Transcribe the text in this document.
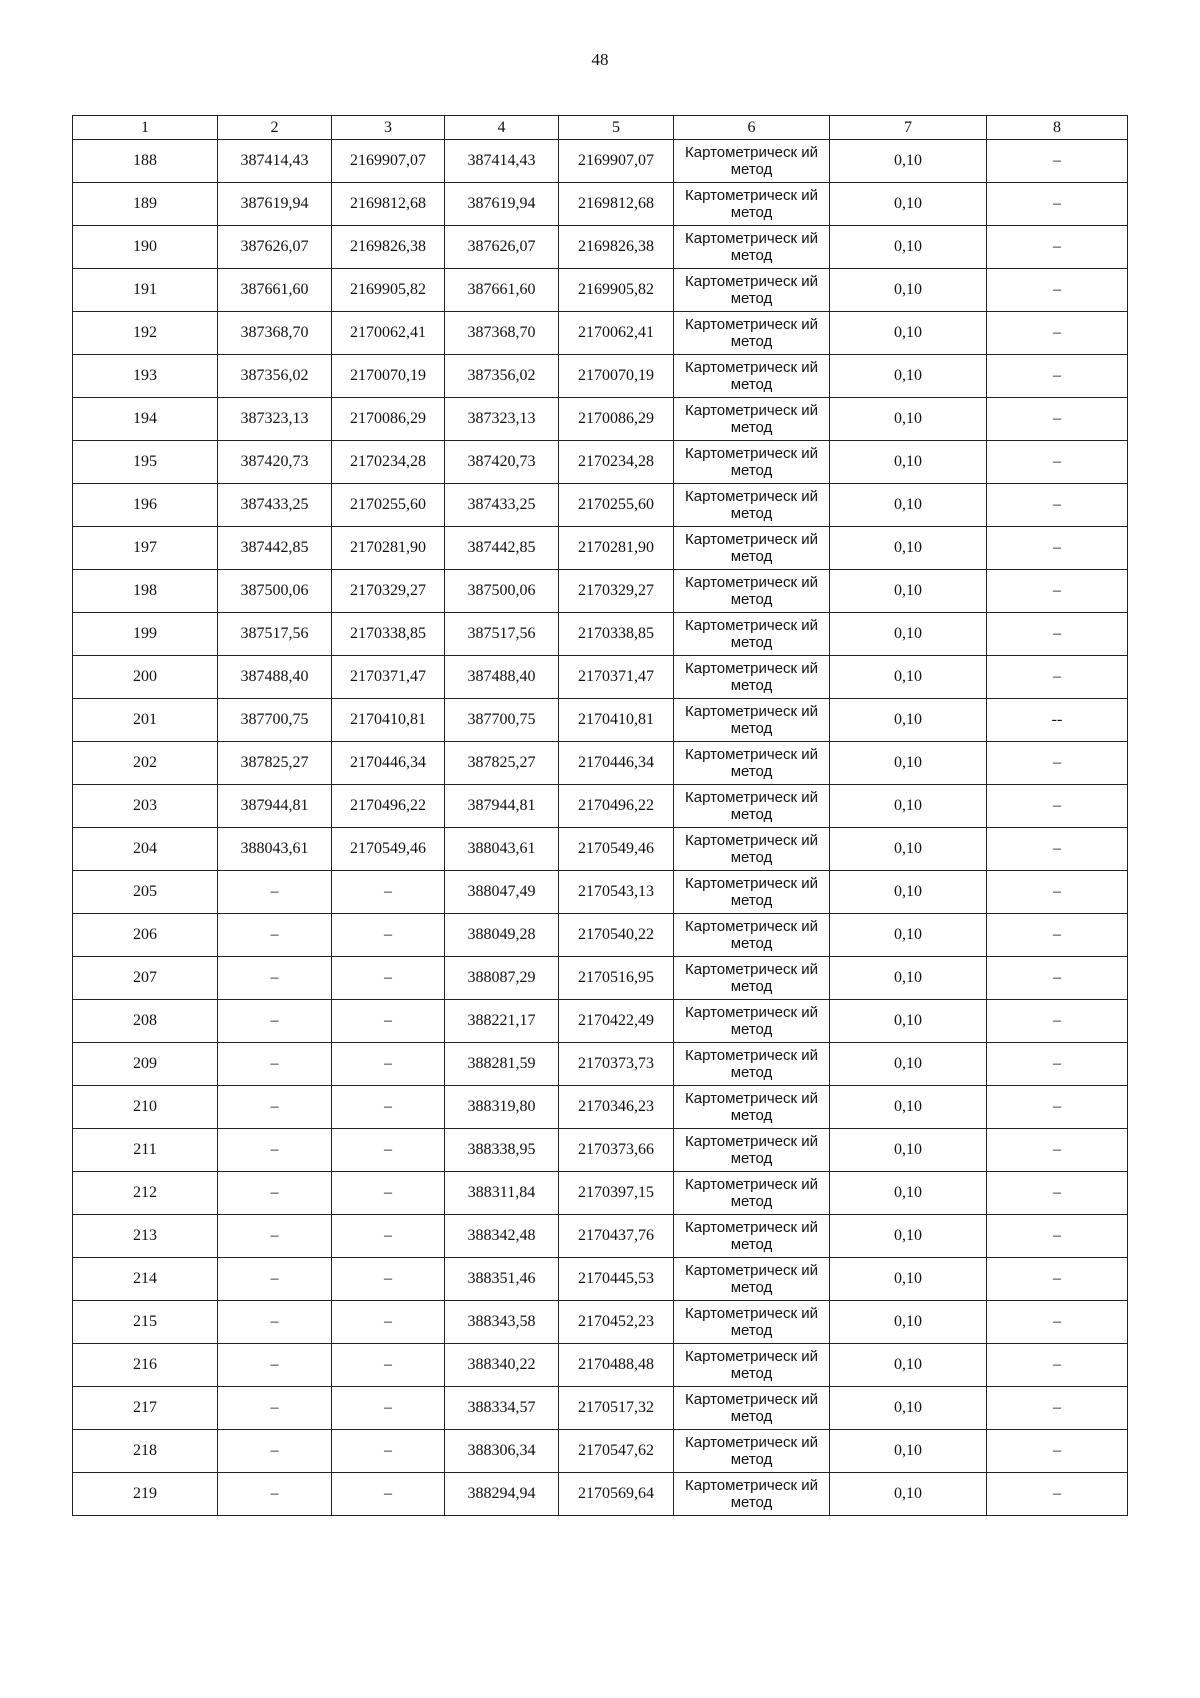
48
1	2	3	4	5	6	7	8
188	387414,43	2169907,07	387414,43	2169907,07	Картометрическ ий метод	0,10	–
189	387619,94	2169812,68	387619,94	2169812,68	Картометрическ ий метод	0,10	–
190	387626,07	2169826,38	387626,07	2169826,38	Картометрическ ий метод	0,10	–
191	387661,60	2169905,82	387661,60	2169905,82	Картометрическ ий метод	0,10	–
192	387368,70	2170062,41	387368,70	2170062,41	Картометрическ ий метод	0,10	–
193	387356,02	2170070,19	387356,02	2170070,19	Картометрическ ий метод	0,10	–
194	387323,13	2170086,29	387323,13	2170086,29	Картометрическ ий метод	0,10	–
195	387420,73	2170234,28	387420,73	2170234,28	Картометрическ ий метод	0,10	–
196	387433,25	2170255,60	387433,25	2170255,60	Картометрическ ий метод	0,10	–
197	387442,85	2170281,90	387442,85	2170281,90	Картометрическ ий метод	0,10	–
198	387500,06	2170329,27	387500,06	2170329,27	Картометрическ ий метод	0,10	–
199	387517,56	2170338,85	387517,56	2170338,85	Картометрическ ий метод	0,10	–
200	387488,40	2170371,47	387488,40	2170371,47	Картометрическ ий метод	0,10	–
201	387700,75	2170410,81	387700,75	2170410,81	Картометрическ ий метод	0,10	--
202	387825,27	2170446,34	387825,27	2170446,34	Картометрическ ий метод	0,10	–
203	387944,81	2170496,22	387944,81	2170496,22	Картометрическ ий метод	0,10	–
204	388043,61	2170549,46	388043,61	2170549,46	Картометрическ ий метод	0,10	–
205	–	–	388047,49	2170543,13	Картометрическ ий метод	0,10	–
206	–	–	388049,28	2170540,22	Картометрическ ий метод	0,10	–
207	–	–	388087,29	2170516,95	Картометрическ ий метод	0,10	–
208	–	–	388221,17	2170422,49	Картометрическ ий метод	0,10	–
209	–	–	388281,59	2170373,73	Картометрическ ий метод	0,10	–
210	–	–	388319,80	2170346,23	Картометрическ ий метод	0,10	–
211	–	–	388338,95	2170373,66	Картометрическ ий метод	0,10	–
212	–	–	388311,84	2170397,15	Картометрическ ий метод	0,10	–
213	–	–	388342,48	2170437,76	Картометрическ ий метод	0,10	–
214	–	–	388351,46	2170445,53	Картометрическ ий метод	0,10	–
215	–	–	388343,58	2170452,23	Картометрическ ий метод	0,10	–
216	–	–	388340,22	2170488,48	Картометрическ ий метод	0,10	–
217	–	–	388334,57	2170517,32	Картометрическ ий метод	0,10	–
218	–	–	388306,34	2170547,62	Картометрическ ий метод	0,10	–
219	–	–	388294,94	2170569,64	Картометрическ ий метод	0,10	–
